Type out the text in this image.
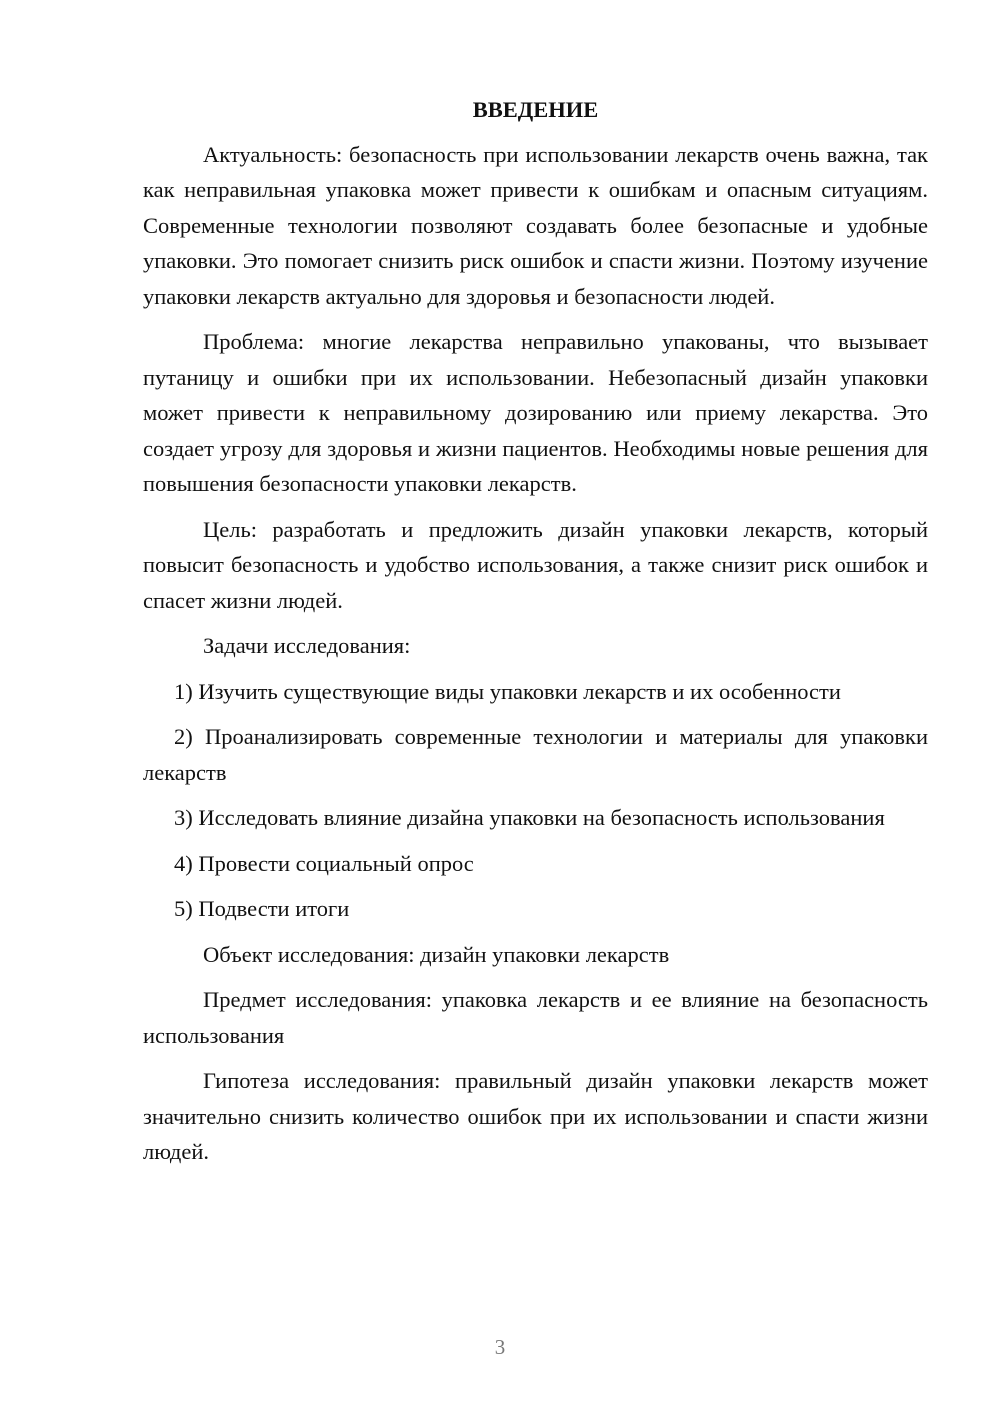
ВВЕДЕНИЕ

Актуальность: безопасность при использовании лекарств очень важна, так как неправильная упаковка может привести к ошибкам и опасным ситуациям. Современные технологии позволяют создавать более безопасные и удобные упаковки. Это помогает снизить риск ошибок и спасти жизни. Поэтому изучение упаковки лекарств актуально для здоровья и безопасности людей.

Проблема: многие лекарства неправильно упакованы, что вызывает путаницу и ошибки при их использовании. Небезопасный дизайн упаковки может привести к неправильному дозированию или приему лекарства. Это создает угрозу для здоровья и жизни пациентов. Необходимы новые решения для повышения безопасности упаковки лекарств.

Цель: разработать и предложить дизайн упаковки лекарств, который повысит безопасность и удобство использования, а также снизит риск ошибок и спасет жизни людей.

Задачи исследования:

1) Изучить существующие виды упаковки лекарств и их особенности

2) Проанализировать современные технологии и материалы для упаковки лекарств

3) Исследовать влияние дизайна упаковки на безопасность использования

4) Провести социальный опрос

5) Подвести итоги

Объект исследования: дизайн упаковки лекарств

Предмет исследования: упаковка лекарств и ее влияние на безопасность использования

Гипотеза исследования: правильный дизайн упаковки лекарств может значительно снизить количество ошибок при их использовании и спасти жизни людей.

3
